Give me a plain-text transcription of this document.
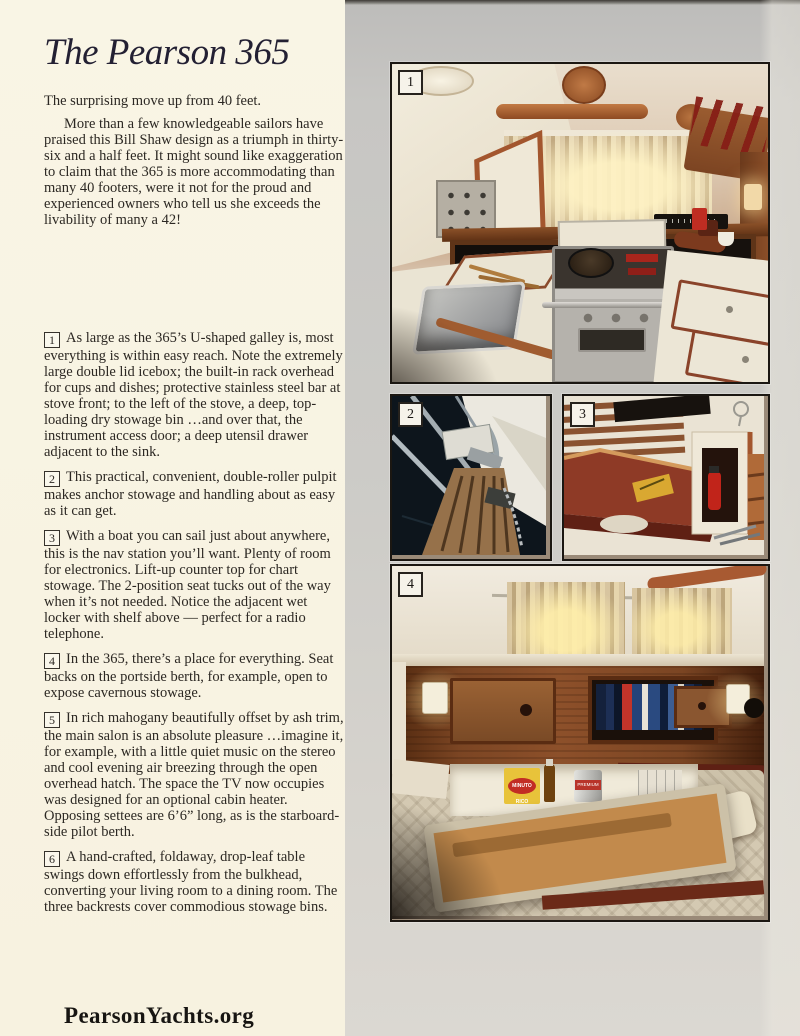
The Pearson 365
The surprising move up from 40 feet.
More than a few knowledgeable sailors have praised this Bill Shaw design as a triumph in thirty-six and a half feet. It might sound like exaggeration to claim that the 365 is more accommodating than many 40 footers, were it not for the proud and experienced owners who tell us she exceeds the livability of many a 42!

1 As large as the 365’s U-shaped galley is, most everything is within easy reach. Note the extremely large double lid icebox; the built-in rack overhead for cups and dishes; protective stainless steel bar at stove front; to the left of the stove, a deep, top-loading dry stowage bin …and over that, the instrument access door; a deep utensil drawer adjacent to the sink.

2 This practical, convenient, double-roller pulpit makes anchor stowage and handling about as easy as it can get.

3 With a boat you can sail just about anywhere, this is the nav station you’ll want. Plenty of room for electronics. Lift-up counter top for chart stowage. The 2-position seat tucks out of the way when it’s not needed. Notice the adjacent wet locker with shelf above — perfect for a radio telephone.

4 In the 365, there’s a place for everything. Seat backs on the portside berth, for example, open to expose cavernous stowage.

5 In rich mahogany beautifully offset by ash trim, the main salon is an absolute pleasure …imagine it, for example, with a little quiet music on the stereo and cool evening air breezing through the open overhead hatch. The space the TV now occupies was designed for an optional cabin heater. Opposing settees are 6’6” long, as is the starboard-side pilot berth.

6 A hand-crafted, foldaway, drop-leaf table swings down effortlessly from the bulkhead, converting your living room to a dining room. The three backrests cover commodious stowage bins.

1
2	3
MINUTO RICO
PREMIUM
4
PearsonYachts.org
